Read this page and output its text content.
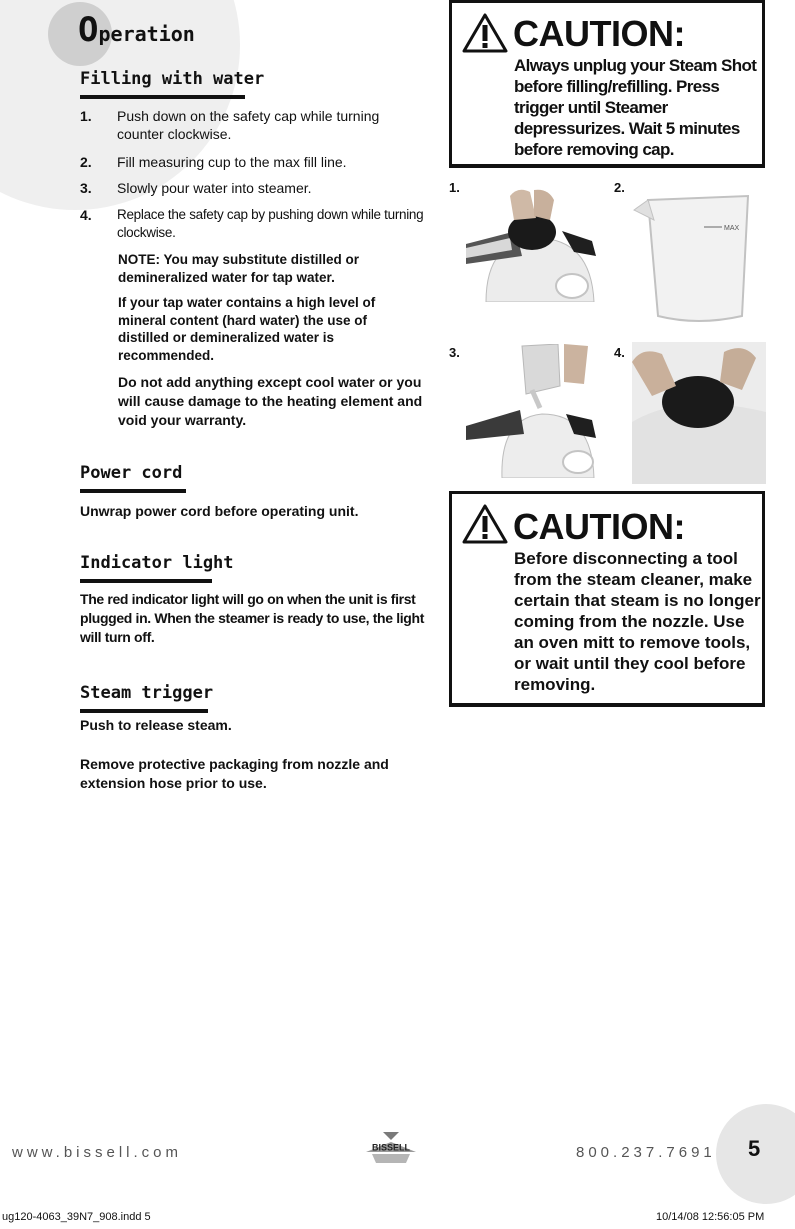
Operation
Filling with water
1. Push down on the safety cap while turning counter clockwise.
2. Fill measuring cup to the max fill line.
3. Slowly pour water into steamer.
4. Replace the safety cap by pushing down while turning clockwise.
NOTE: You may substitute distilled or demineralized water for tap water.
If your tap water contains a high level of mineral content (hard water) the use of distilled or demineralized water is recommended.
Do not add anything except cool water or you will cause damage to the heating element and void your warranty.
Power cord
Unwrap power cord before operating unit.
Indicator light
The red indicator light will go on when the unit is first plugged in. When the steamer is ready to use, the light will turn off.
Steam trigger
Push to release steam.
Remove protective packaging from nozzle and extension hose prior to use.
CAUTION:
Always unplug your Steam Shot before filling/refilling. Press trigger until Steamer depressurizes. Wait 5 minutes before removing cap.
1.	2.
MAX
3.	4.
CAUTION:
Before disconnecting a tool from the steam cleaner, make certain that steam is no longer coming from the nozzle. Use an oven mitt to remove tools, or wait until they cool before removing.
www.bissell.com	BISSELL	800.237.7691 5
ug120-4063_39N7_908.indd 5	10/14/08 12:56:05 PM
